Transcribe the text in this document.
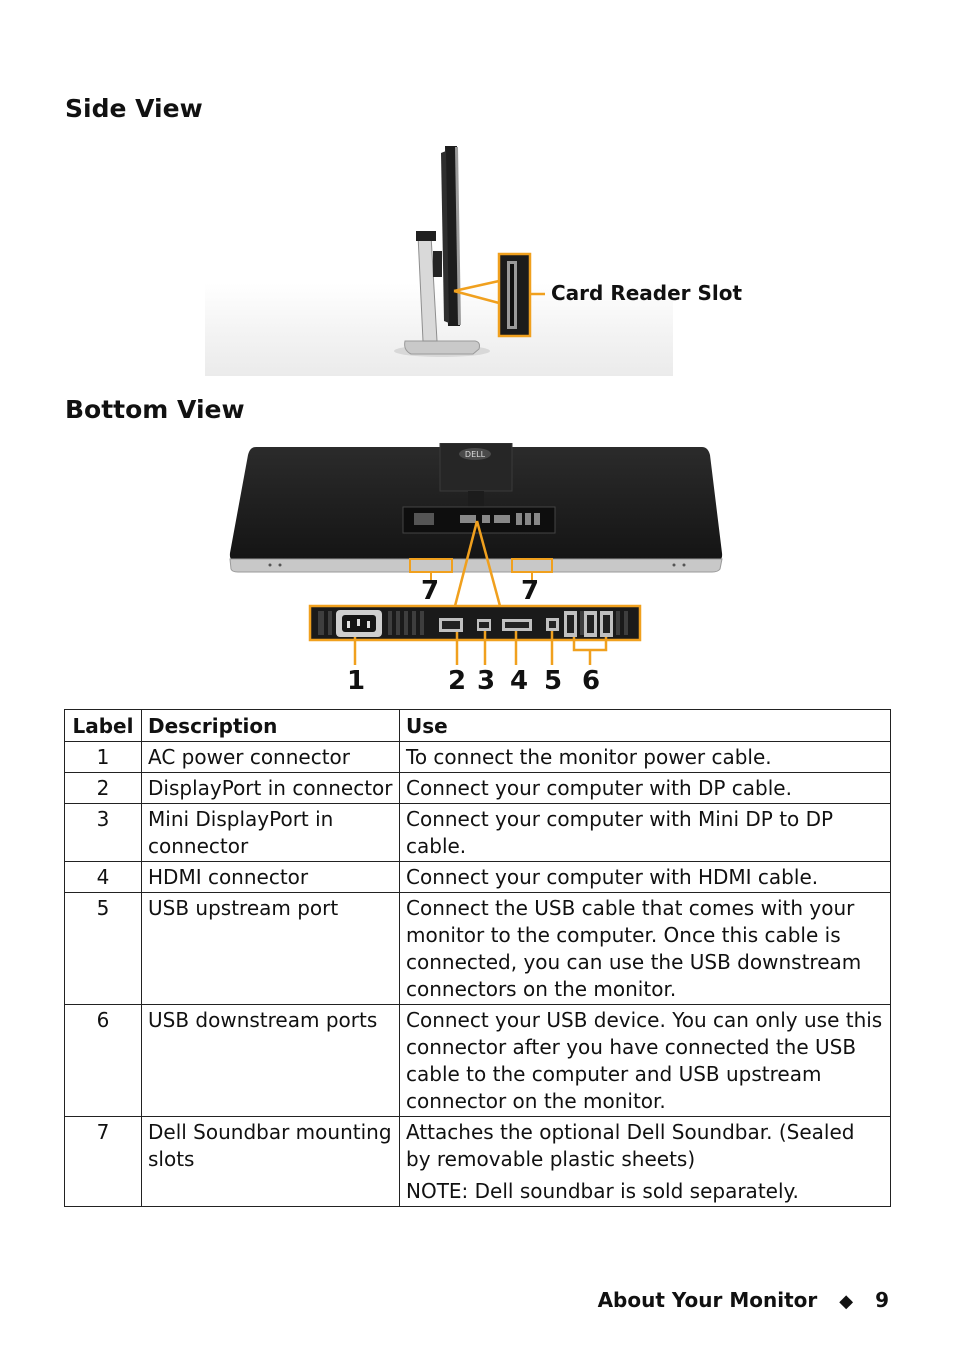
Side View
Card Reader Slot
Bottom View
DELL
7	7
1	2 3 4 5 6
Label	Description	Use
1	AC power connector	To connect the monitor power cable.
2	DisplayPort in connector	Connect your computer with DP cable.
3	Mini DisplayPort in connector	Connect your computer with Mini DP to DP cable.
4	HDMI connector	Connect your computer with HDMI cable.
5	USB upstream port	Connect the USB cable that comes with your monitor to the computer. Once this cable is connected, you can use the USB downstream connectors on the monitor.
6	USB downstream ports	Connect your USB device. You can only use this connector after you have connected the USB cable to the computer and USB upstream connector on the monitor.
7	Dell Soundbar mounting slots	Attaches the optional Dell Soundbar. (Sealed by removable plastic sheets)
NOTE: Dell soundbar is sold separately.
About Your Monitor ◆ 9
